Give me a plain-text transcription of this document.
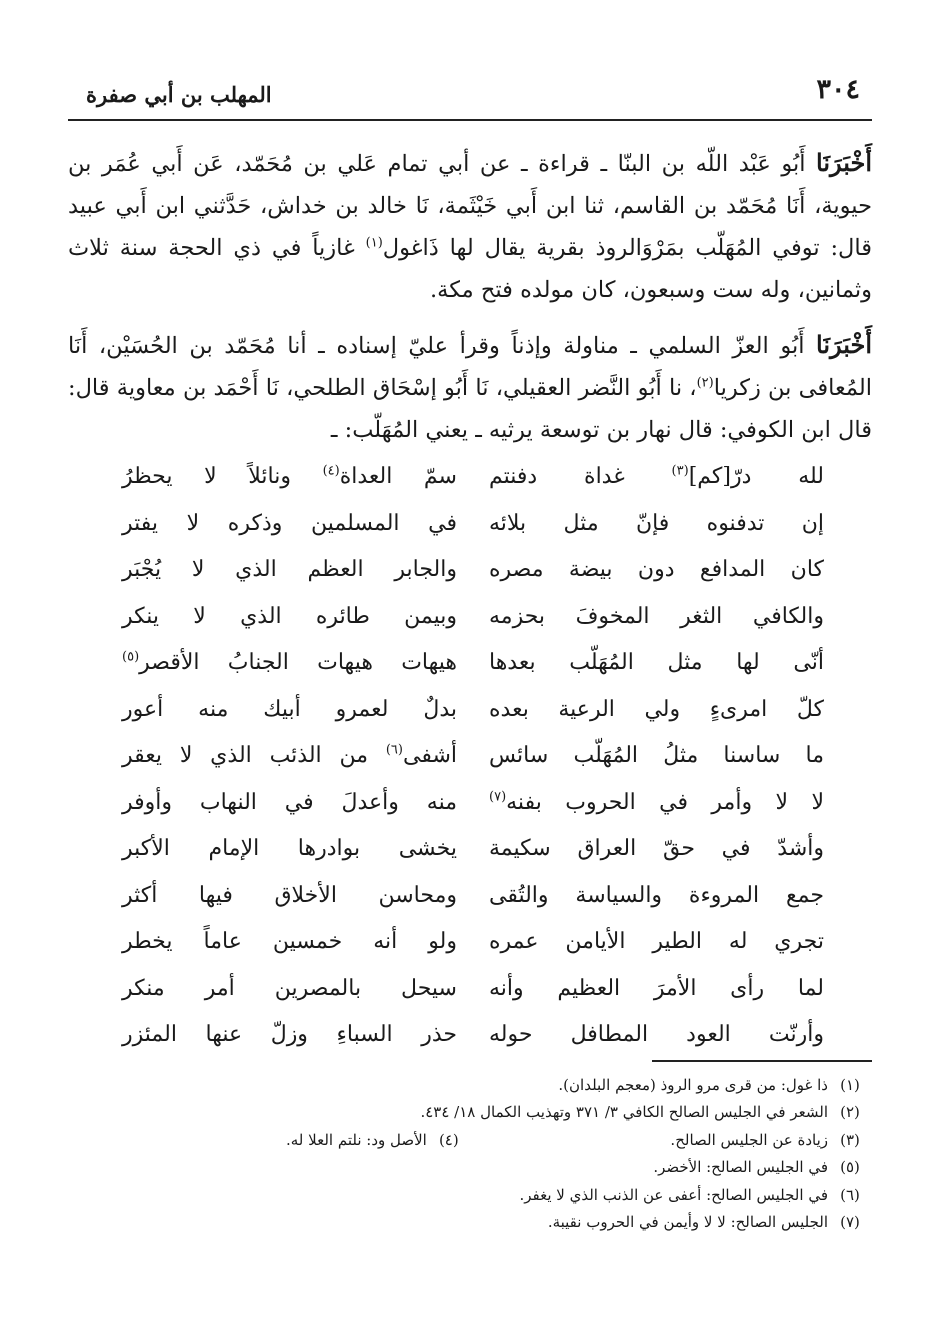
٣٠٤
المهلب بن أبي صفرة

أَخْبَرَنَا أَبُو عَبْد اللّه بن البنّا ـ قراءة ـ عن أبي تمام عَلي بن مُحَمّد، عَن أَبي عُمَر بن حيوية، أَنَا مُحَمّد بن القاسم، ثنا ابن أَبي خَيْثَمة، نَا خالد بن خداش، حَدَّثني ابن أَبي عبيد قال: توفي المُهَلّب بمَرْوَالروذ بقرية يقال لها ذَاغول$^{(١)}$ غازياً في ذي الحجة سنة ثلاث وثمانين، وله ست وسبعون، كان مولده فتح مكة.

أَخْبَرَنَا أَبُو العزّ السلمي ـ مناولة وإذناً وقرأ عليّ إسناده ـ أنا مُحَمّد بن الحُسَيْن، أَنَا المُعافى بن زكريا$^{(٢)}$، نا أَبُو النَّضر العقيلي، نَا أَبُو إسْحَاق الطلحي، نَا أَحْمَد بن معاوية قال: قال ابن الكوفي: قال نهار بن توسعة يرثيه ـ يعني المُهَلّب: ـ

لله درّ[كم]$^{(٣)}$ غداة دفنتم
سمّ العداة$^{(٤)}$ ونائلاً لا يحظرُ
إن تدفنوه فإنّ مثل بلائه
في المسلمين وذكره لا يفتر
كان المدافع دون بيضة مصره
والجابر العظم الذي لا يُجْبَر
والكافي الثغر المخوفَ بحزمه
وبيمن طائره الذي لا ينكر
أنّى لها مثل المُهَلّب بعدها
هيهات هيهات الجنابُ الأقصر$^{(٥)}$
كلّ امرىءٍ ولي الرعية بعده
بدلٌ لعمرو أبيك منه أعور
ما ساسنا مثلُ المُهَلّب سائس
أشفى$^{(٦)}$ من الذئب الذي لا يعقر
لا لا وأمر في الحروب بفنه$^{(٧)}$
منه وأعدلَ في النهاب وأوفر
وأشدّ في حقّ العراق سكيمة
يخشى بوادرها الإمام الأكبر
جمع المروءة والسياسة والتُقى
ومحاسن الأخلاق فيها أكثر
تجري له الطير الأيامن عمره
ولو أنه خمسين عاماً يخطر
لما رأى الأمرَ العظيم وأنه
سيحل بالمصرين أمر منكر
وأرنّت العود المطافل حوله
حذر السباءِ وزلّ عنها المئزر
(١)ذا غول: من قرى مرو الروذ (معجم البلدان).
(٢)الشعر في الجليس الصالح الكافي ٣/ ٣٧١ وتهذيب الكمال ١٨/ ٤٣٤.
(٣)زيادة عن الجليس الصالح.
(٤)الأصل ود: نلتم العلا له.
(٥)في الجليس الصالح: الأخضر.
(٦)في الجليس الصالح: أعفى عن الذنب الذي لا يغفر.
(٧)الجليس الصالح: لا لا وأيمن في الحروب نقيبة.
